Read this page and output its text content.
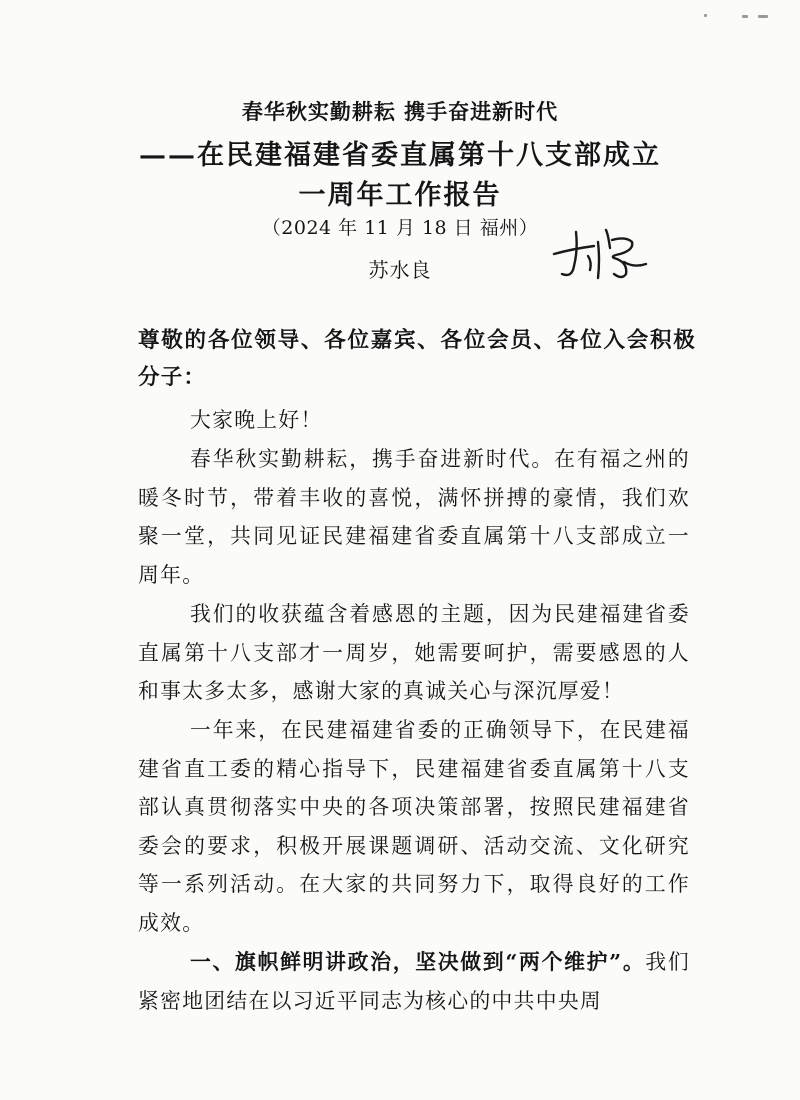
春华秋实勤耕耘 携手奋进新时代
——在民建福建省委直属第十八支部成立
一周年工作报告
（2024 年 11 月 18 日 福州）
苏水良
尊敬的各位领导、各位嘉宾、各位会员、各位入会积极分子：
大家晚上好！
春华秋实勤耕耘，携手奋进新时代。在有福之州的暖冬时节，带着丰收的喜悦，满怀拼搏的豪情，我们欢聚一堂，共同见证民建福建省委直属第十八支部成立一周年。
我们的收获蕴含着感恩的主题，因为民建福建省委直属第十八支部才一周岁，她需要呵护，需要感恩的人和事太多太多，感谢大家的真诚关心与深沉厚爱！
一年来，在民建福建省委的正确领导下，在民建福建省直工委的精心指导下，民建福建省委直属第十八支部认真贯彻落实中央的各项决策部署，按照民建福建省委会的要求，积极开展课题调研、活动交流、文化研究等一系列活动。在大家的共同努力下，取得良好的工作成效。
一、旗帜鲜明讲政治，坚决做到“两个维护”。我们紧密地团结在以习近平同志为核心的中共中央周
